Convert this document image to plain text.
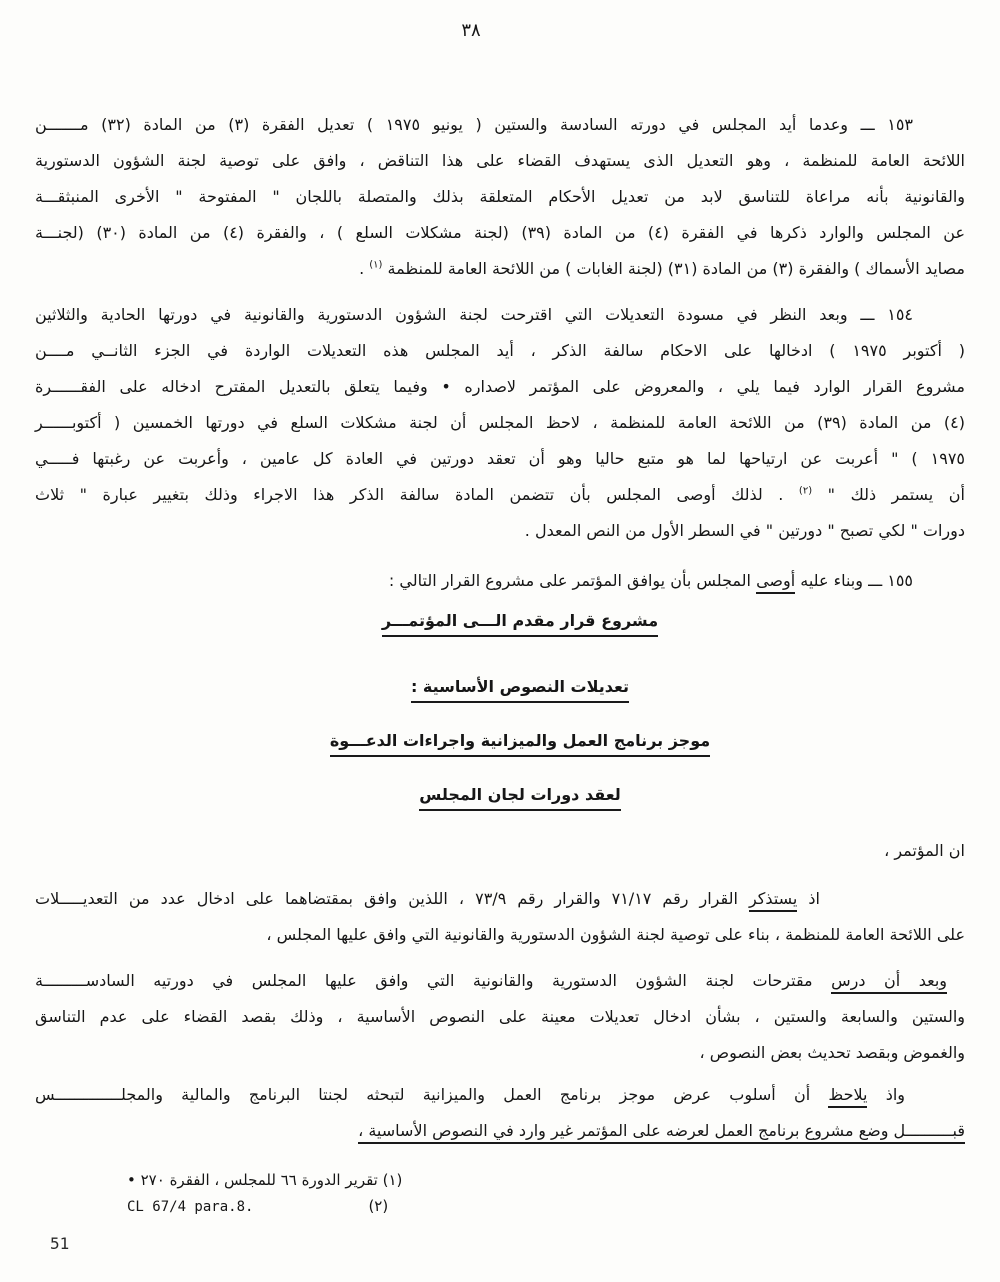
٣٨
١٥٣ ـــ وعدما أيد المجلس في دورته السادسة والستين ( يونيو ١٩٧٥ ) تعديل الفقرة (٣) من المادة (٣٢) مـــــــن
اللائحة العامة للمنظمة ، وهو التعديل الذى يستهدف القضاء على هذا التناقض ، وافق على توصية لجنة الشؤون الدستورية
والقانونية بأنه مراعاة للتناسق لابد من تعديل الأحكام المتعلقة بذلك والمتصلة باللجان " المفتوحة " الأخرى المنبثقـــة
عن المجلس والوارد ذكرها في الفقرة (٤) من المادة (٣٩) (لجنة مشكلات السلع ) ، والفقرة (٤) من المادة (٣٠) (لجنـــة
مصايد الأسماك ) والفقرة (٣) من المادة (٣١) (لجنة الغابات ) من اللائحة العامة للمنظمة $^{(١)}$ .
١٥٤ ـــ وبعد النظر في مسودة التعديلات التي اقترحت لجنة الشؤون الدستورية والقانونية في دورتها الحادية والثلاثين
( أكتوبر ١٩٧٥ ) ادخالها على الاحكام سالفة الذكر ، أيد المجلس هذه التعديلات الواردة في الجزء الثانــي مــــن
مشروع القرار الوارد فيما يلي ، والمعروض على المؤتمر لاصداره • وفيما يتعلق بالتعديل المقترح ادخاله على الفقــــــرة
(٤) من المادة (٣٩) من اللائحة العامة للمنظمة ، لاحظ المجلس أن لجنة مشكلات السلع في دورتها الخمسين ( أكتوبــــــر
١٩٧٥ ) " أعربت عن ارتياحها لما هو متبع حاليا وهو أن تعقد دورتين في العادة كل عامين ، وأعربت عن رغبتها فـــــي
أن يستمر ذلك " $^{(٢)}$ . لذلك أوصى المجلس بأن تتضمن المادة سالفة الذكر هذا الاجراء وذلك بتغيير عبارة " ثلاث
دورات " لكي تصبح " دورتين " في السطر الأول من النص المعدل .
١٥٥ ـــ وبناء عليه أوصى المجلس بأن يوافق المؤتمر على مشروع القرار التالي :
مشروع قرار مقدم الـــى المؤتمـــر
تعديلات النصوص الأساسية :
موجز برنامج العمل والميزانية واجراءات الدعـــوة
لعقد دورات لجان المجلس
ان المؤتمر ،
اذ يستذكر القرار رقم ٧١/١٧ والقرار رقم ٧٣/٩ ، اللذين وافق بمقتضاهما على ادخال عدد من التعديـــــلات
على اللائحة العامة للمنظمة ، بناء على توصية لجنة الشؤون الدستورية والقانونية التي وافق عليها المجلس ،
وبعد أن درس مقترحات لجنة الشؤون الدستورية والقانونية التي وافق عليها المجلس في دورتيه السادســـــــــة
والستين والسابعة والستين ، بشأن ادخال تعديلات معينة على النصوص الأساسية ، وذلك بقصد القضاء على عدم التناسق
والغموض وبقصد تحديث بعض النصوص ،
واذ يلاحظ أن أسلوب عرض موجز برنامج العمل والميزانية لتبحثه لجنتا البرنامج والمالية والمجلــــــــــــــس
قبــــــــــل وضع مشروع برنامج العمل لعرضه على المؤتمر غير وارد في النصوص الأساسية ،
(١) تقرير الدورة ٦٦ للمجلس ، الفقرة ٢٧٠ •
(٢)CL 67/4 para.8.
51
